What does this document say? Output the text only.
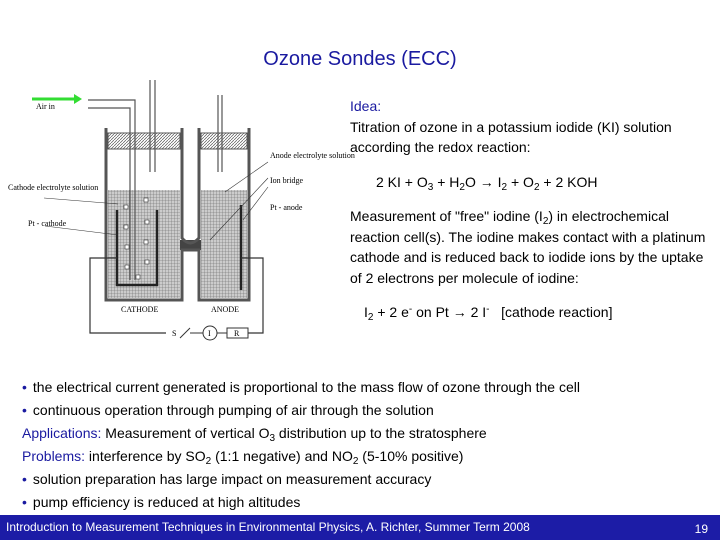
Ozone Sondes (ECC)
Air in
Anode electrolyte solution
Ion bridge
Pt - anode
Cathode electrolyte solution
Pt - cathode
CATHODE	ANODE
S	I	R
Idea:
Titration of ozone in a potassium iodide (KI) solution according the redox reaction:
2 KI + $O_3 + H_2O \to I_2 + O_2 + 2$ KOH
Measurement of "free" iodine $(I_2)$ in electrochemical reaction cell(s). The iodine makes contact with a platinum cathode and is reduced back to iodide ions by the uptake of 2 electrons per molecule of iodine:
$I_2 + 2$ e- on Pt → 2 I-   [cathode reaction]
• the electrical current generated is proportional to the mass flow of ozone through the cell
• continuous operation through pumping of air through the solution
Applications: Measurement of vertical $O_3$ distribution up to the stratosphere
Problems: interference by $SO_2$ (1:1 negative) and $NO_2$ (5-10% positive)
• solution preparation has large impact on measurement accuracy
• pump efficiency is reduced at high altitudes
Introduction to Measurement Techniques in Environmental Physics, A. Richter, Summer Term 2008	19
